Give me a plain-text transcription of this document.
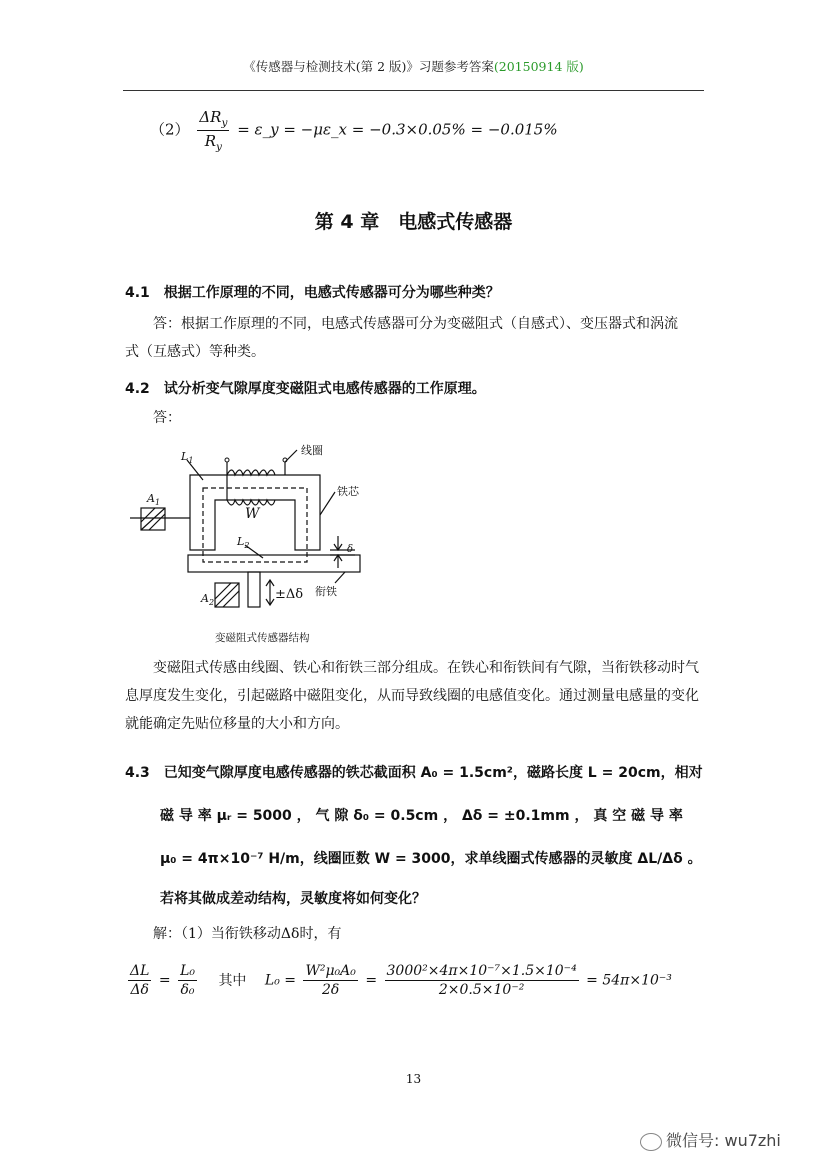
《传感器与检测技术(第 2 版)》习题参考答案(20150914 版)
$(2) \frac{\Delta R_y}{R_y}$ = ε_y = −με_x = −0.3×0.05% = −0.015%
第 4 章　电感式传感器
4.1　根据工作原理的不同，电感式传感器可分为哪些种类？
答：根据工作原理的不同，电感式传感器可分为变磁阻式（自感式）、变压器式和涡流式（互感式）等种类。
4.2　试分析变气隙厚度变磁阻式电感传感器的工作原理。
答：
线圈
铁芯
衔铁
$L_1$
$L_2$
$A_1$
$A_2$
W
δ
±Δδ
变磁阻式传感器结构
变磁阻式传感由线圈、铁心和衔铁三部分组成。在铁心和衔铁间有气隙，当衔铁移动时气息厚度发生变化，引起磁路中磁阻变化，从而导致线圈的电感值变化。通过测量电感量的变化就能确定先贴位移量的大小和方向。
4.3　已知变气隙厚度电感传感器的铁芯截面积 A₀ = 1.5cm²，磁路长度 L = 20cm，相对
磁 导 率 μᵣ = 5000 ， 气 隙 δ₀ = 0.5cm ， Δδ = ±0.1mm ， 真 空 磁 导 率
μ₀ = 4π×10⁻⁷ H/m，线圈匝数 W = 3000，求单线圈式传感器的灵敏度 ΔL/Δδ 。
若将其做成差动结构，灵敏度将如何变化？
解：（1）当衔铁移动Δδ时，有
$\frac{\Delta L}{\Delta\delta} = \frac{\text{L₀}}{\text{δ₀}}$ 其中 $L_0 = \frac{\text{W²μ₀A₀}}{2\delta} = \frac{\text{3000²×4π×10⁻⁷×1.5×10⁻⁴}}{\text{2×0.5×10⁻²}} = 54\pi\times 10^{-3}$
13
微信号: wu7zhi
